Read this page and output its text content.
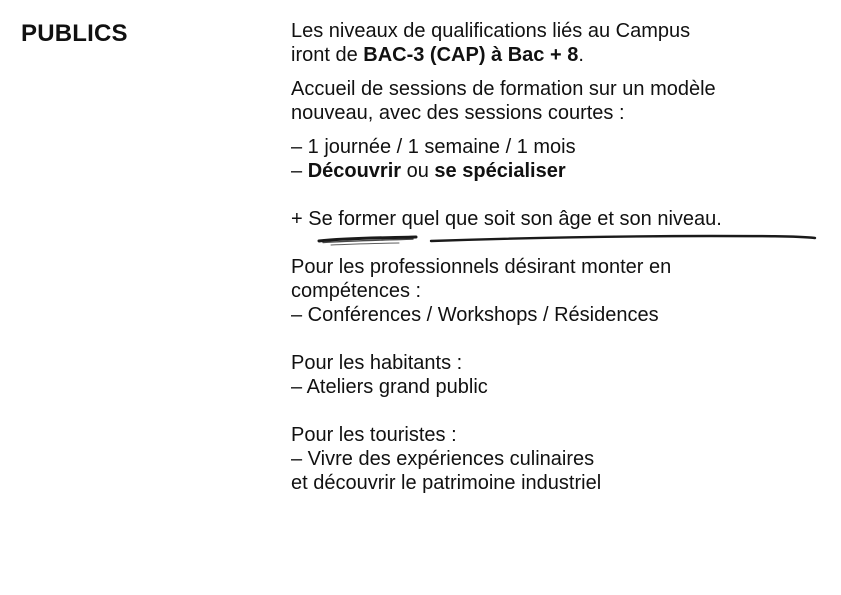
PUBLICS	Les niveaux de qualifications liés au Campus
iront de BAC-3 (CAP) à Bac + 8.

Accueil de sessions de formation sur un modèle
nouveau, avec des sessions courtes :

– 1 journée / 1 semaine / 1 mois
– Découvrir ou se spécialiser

+ Se former quel que soit son âge et son niveau.

Pour les professionnels désirant monter en
compétences :
– Conférences / Workshops / Résidences

Pour les habitants :
– Ateliers grand public

Pour les touristes :
– Vivre des expériences culinaires
et découvrir le patrimoine industriel
